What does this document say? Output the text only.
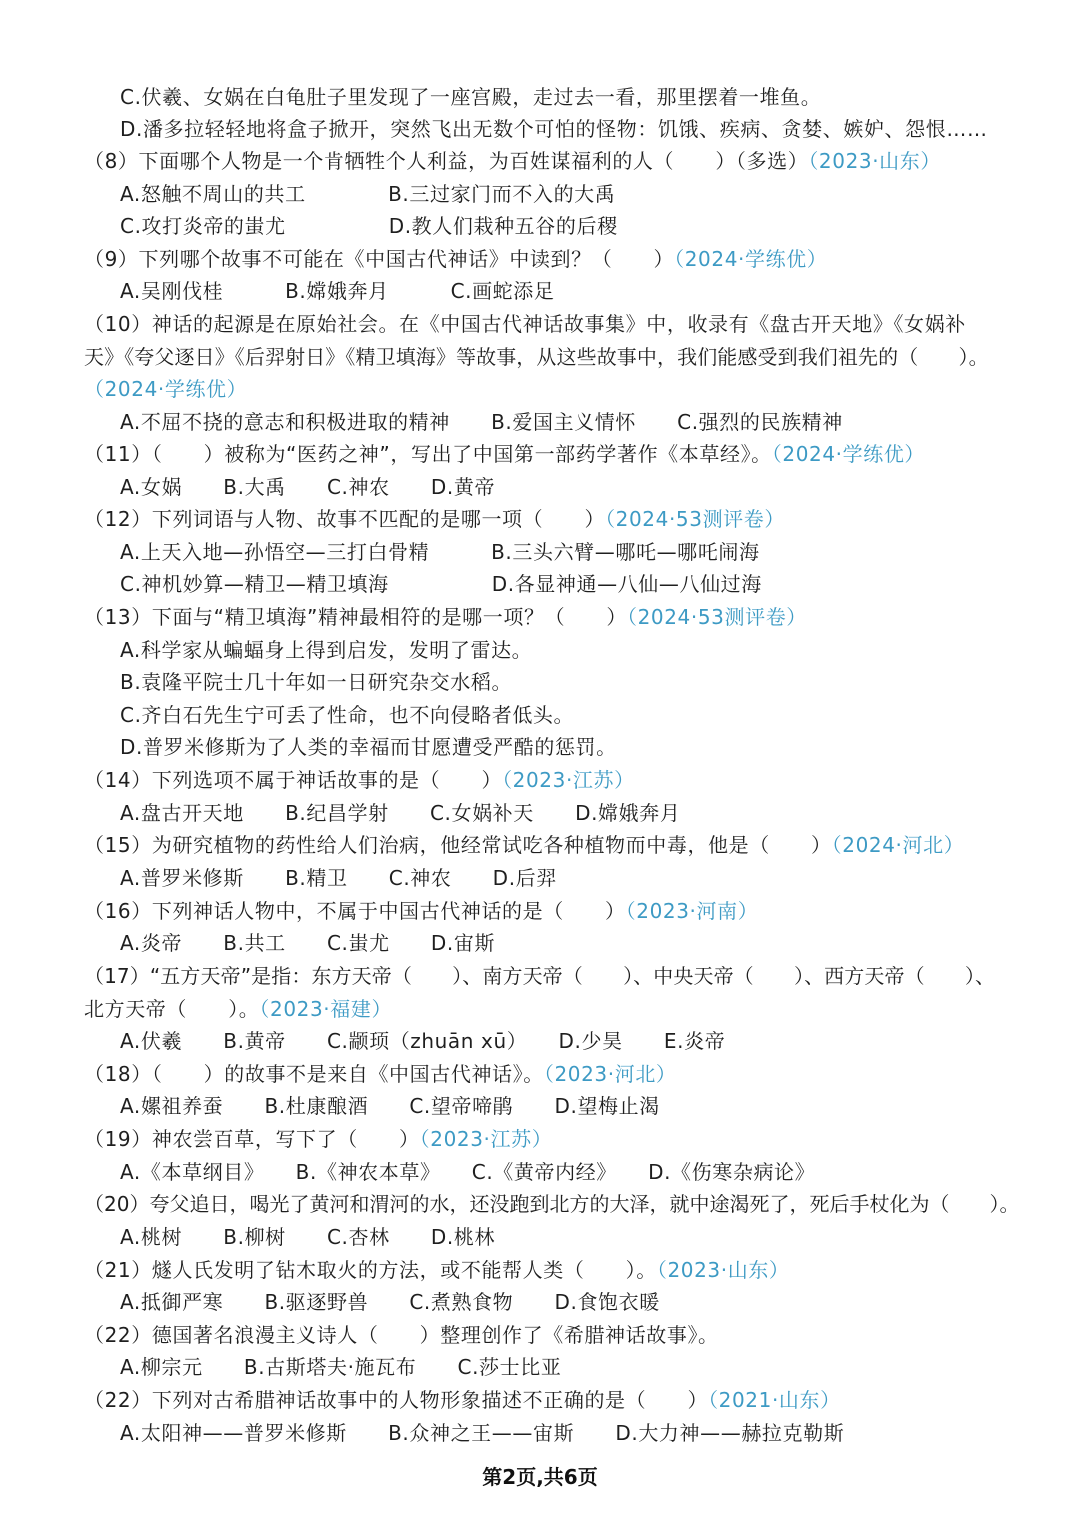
C.伏羲、女娲在白龟肚子里发现了一座宫殿，走过去一看，那里摆着一堆鱼。
D.潘多拉轻轻地将盒子掀开，突然飞出无数个可怕的怪物：饥饿、疾病、贪婪、嫉妒、怨恨……
（8）下面哪个人物是一个肯牺牲个人利益，为百姓谋福利的人（　　）（多选）（2023·山东）
A.怒触不周山的共工　　　　B.三过家门而不入的大禹
C.攻打炎帝的蚩尤　　　　　D.教人们栽种五谷的后稷
（9）下列哪个故事不可能在《中国古代神话》中读到？（　　）（2024·学练优）
A.吴刚伐桂　　　B.嫦娥奔月　　　C.画蛇添足
（10）神话的起源是在原始社会。在《中国古代神话故事集》中，收录有《盘古开天地》《女娲补
天》《夸父逐日》《后羿射日》《精卫填海》等故事，从这些故事中，我们能感受到我们祖先的（　　）。
（2024·学练优）
A.不屈不挠的意志和积极进取的精神　　B.爱国主义情怀　　C.强烈的民族精神
（11）（　　）被称为“医药之神”，写出了中国第一部药学著作《本草经》。（2024·学练优）
A.女娲　　B.大禹　　C.神农　　D.黄帝
（12）下列词语与人物、故事不匹配的是哪一项（　　）（2024·53测评卷）
A.上天入地—孙悟空—三打白骨精　　　B.三头六臂—哪吒—哪吒闹海
C.神机妙算—精卫—精卫填海　　　　　D.各显神通—八仙—八仙过海
（13）下面与“精卫填海”精神最相符的是哪一项？（　　）（2024·53测评卷）
A.科学家从蝙蝠身上得到启发，发明了雷达。
B.袁隆平院士几十年如一日研究杂交水稻。
C.齐白石先生宁可丢了性命，也不向侵略者低头。
D.普罗米修斯为了人类的幸福而甘愿遭受严酷的惩罚。
（14）下列选项不属于神话故事的是（　　）（2023·江苏）
A.盘古开天地　　B.纪昌学射　　C.女娲补天　　D.嫦娥奔月
（15）为研究植物的药性给人们治病，他经常试吃各种植物而中毒，他是（　　）（2024·河北）
A.普罗米修斯　　B.精卫　　C.神农　　D.后羿
（16）下列神话人物中，不属于中国古代神话的是（　　）（2023·河南）
A.炎帝　　B.共工　　C.蚩尤　　D.宙斯
（17）“五方天帝”是指：东方天帝（　　）、南方天帝（　　）、中央天帝（　　）、西方天帝（　　）、
北方天帝（　　）。（2023·福建）
A.伏羲　　B.黄帝　　C.颛顼（zhuān xū）　　D.少昊　　E.炎帝
（18）（　　）的故事不是来自《中国古代神话》。（2023·河北）
A.嫘祖养蚕　　B.杜康酿酒　　C.望帝啼鹃　　D.望梅止渴
（19）神农尝百草，写下了（　　）（2023·江苏）
A.《本草纲目》　　B.《神农本草》　　C.《黄帝内经》　　D.《伤寒杂病论》
（20）夸父追日，喝光了黄河和渭河的水，还没跑到北方的大泽，就中途渴死了，死后手杖化为（　　）。
A.桃树　　B.柳树　　C.杏林　　D.桃林
（21）燧人氏发明了钻木取火的方法，或不能帮人类（　　）。（2023·山东）
A.抵御严寒　　B.驱逐野兽　　C.煮熟食物　　D.食饱衣暖
（22）德国著名浪漫主义诗人（　　）整理创作了《希腊神话故事》。
A.柳宗元　　B.古斯塔夫·施瓦布　　C.莎士比亚
（22）下列对古希腊神话故事中的人物形象描述不正确的是（　　）（2021·山东）
A.太阳神——普罗米修斯　　B.众神之王——宙斯　　D.大力神——赫拉克勒斯
第2页,共6页
